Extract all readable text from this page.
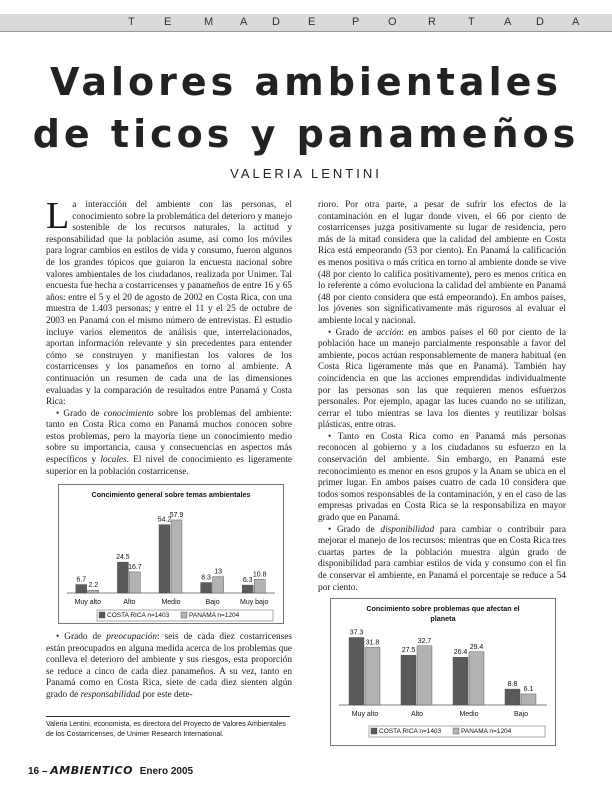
T	E	M A D	E	P	O	R	T	A D	A
Valores ambientales
de ticos y panameños
VALERIA LENTINI

La interacción del ambiente con las personas, el conocimiento sobre la problemática del deterioro y manejo sostenible de los recursos naturales, la actitud y responsabilidad que la población asume, así como los móviles para lograr cambios en estilos de vida y consumo, fueron algunos de los grandes tópicos que guiaron la encuesta nacional sobre valores ambientales de los ciudadanos, realizada por Unimer. Tal encuesta fue hecha a costarricenses y panameños de entre 16 y 65 años: entre el 5 y el 20 de agosto de 2002 en Costa Rica, con una muestra de 1.403 personas; y entre el 11 y el 25 de octubre de 2003 en Panamá con el mismo número de entrevistas. El estudio incluye varios elementos de análisis que, interrelacionados, aportan información relevante y sin precedentes para entender cómo se construyen y manifiestan los valores de los costarricenses y los panameños en torno al ambiente. A continuación un resumen de cada una de las dimensiones evaluadas y la comparación de resultados entre Panamá y Costa Rica:

• Grado de conocimiento sobre los problemas del ambiente: tanto en Costa Rica como en Panamá muchos conocen sobre estos problemas, pero la mayoría tiene un conocimiento medio sobre su importancia, causa y consecuencias en aspectos más específicos y locales. El nivel de conocimiento es ligeramente superior en la población costarricense.

Concimiento general sobre temas ambientales
6.7
2.2
Muy alto
24.5
16.7
Alto
54.2
57.9
Medio
8.3
13
Bajo
6.3
10.8
Muy bajo
COSTA RICA n=1403	PANAMA n=1204

• Grado de preocupación: seis de cada diez costarricenses están preocupados en alguna medida acerca de los problemas que conlleva el deterioro del ambiente y sus riesgos, esta proporción se reduce a cinco de cada diez panameños. A su vez, tanto en Panamá como en Costa Rica, siete de cada diez sienten algún grado de responsabilidad por este dete-

Valeria Lentini, economista, es directora del Proyecto de Valores Ambientales de los Costarricenses, de Unimer Research International.

rioro. Por otra parte, a pesar de sufrir los efectos de la contaminación en el lugar donde viven, el 66 por ciento de costarricenses juzga positivamente su lugar de residencia, pero más de la mitad considera que la calidad del ambiente en Costa Rica está empeorando (53 por ciento). En Panamá la calificación es menos positiva o más crítica en torno al ambiente donde se vive (48 por ciento lo califica positivamente), pero es menos crítica en lo referente a cómo evoluciona la calidad del ambiente en Panamá (48 por ciento considera que está empeorando). En ambos países, los jóvenes son significativamente más rigurosos al evaluar el ambiente local y nacional.

• Grado de acción: en ambos países el 60 por ciento de la población hace un manejo parcialmente responsable a favor del ambiente, pocos actúan responsablemente de manera habitual (en Costa Rica ligeramente más que en Panamá). También hay coincidencia en que las acciones emprendidas individualmente por las personas son las que requieren menos esfuerzos personales. Por ejemplo, apagar las luces cuando no se utilizan, cerrar el tubo mientras se lava los dientes y reutilizar bolsas plásticas, entre otras.

• Tanto en Costa Rica como en Panamá más personas reconocen al gobierno y a los ciudadanos su esfuerzo en la conservación del ambiente. Sin embargo, en Panamá este reconocimiento es menor en esos grupos y la Anam se ubica en el primer lugar. En ambos países cuatro de cada 10 considera que todos somos responsables de la contaminación, y en el caso de las empresas privadas en Costa Rica se la responsabiliza en mayor grado que en Panamá.

• Grado de disponibilidad para cambiar o contribuir para mejorar el manejo de los recursos: mientras que en Costa Rica tres cuartas partes de la población muestra algún grado de disponibilidad para cambiar estilos de vida y consumo con el fin de conservar el ambiente, en Panamá el porcentaje se reduce a 54 por ciento.

Concimiento sobre problemas que afectan el
planeta
37.3
31.8
Muy alto
27.5
32.7
Alto
26.4
29.4
Medio
8.8
6.1
Bajo
COSTA RICA n=1403	PANAMA n=1204
16 – AMBIENTICO Enero 2005
